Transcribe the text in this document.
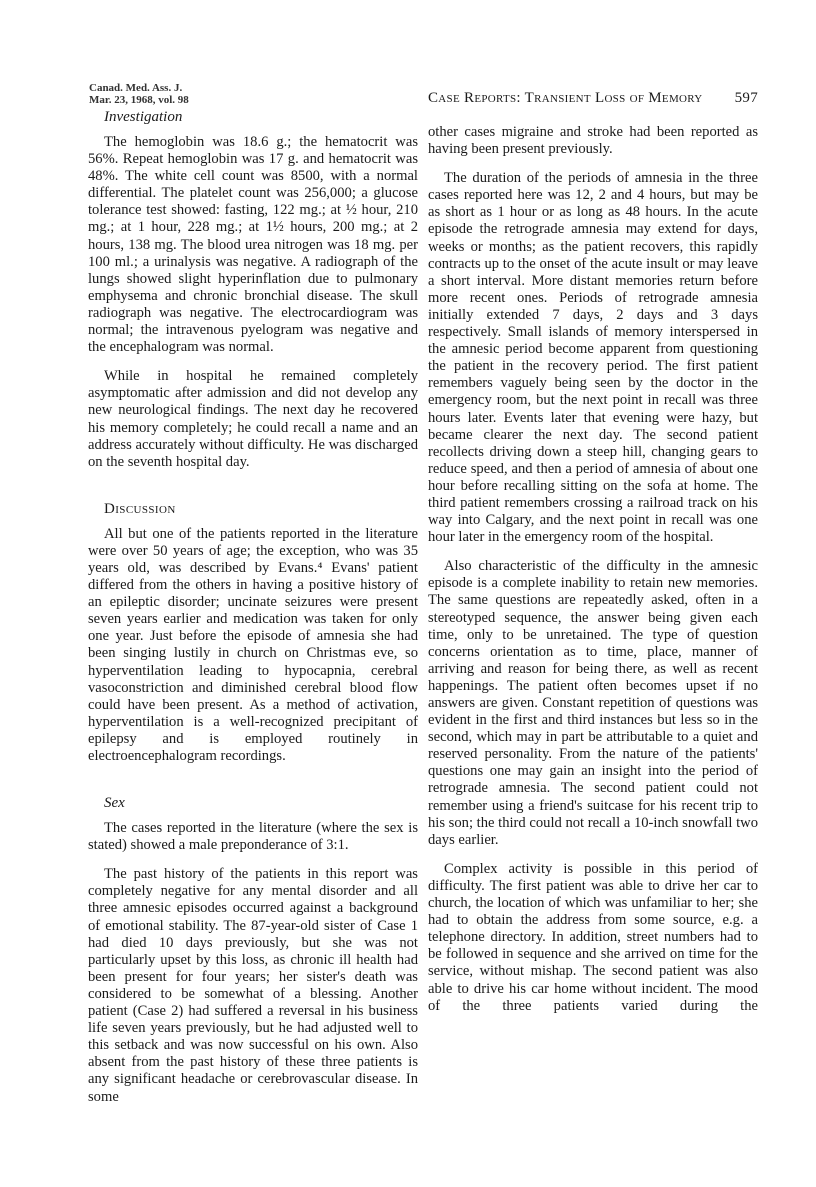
Canad. Med. Ass. J.
Mar. 23, 1968, vol. 98	Case Reports: Transient Loss of Memory 597
Investigation

The hemoglobin was 18.6 g.; the hematocrit was 56%. Repeat hemoglobin was 17 g. and hematocrit was 48%. The white cell count was 8500, with a normal differential. The platelet count was 256,000; a glucose tolerance test showed: fasting, 122 mg.; at ½ hour, 210 mg.; at 1 hour, 228 mg.; at 1½ hours, 200 mg.; at 2 hours, 138 mg. The blood urea nitrogen was 18 mg. per 100 ml.; a urinalysis was negative. A radiograph of the lungs showed slight hyperinflation due to pulmonary emphysema and chronic bronchial disease. The skull radiograph was negative. The electrocardiogram was normal; the intravenous pyelogram was negative and the encephalogram was normal.

While in hospital he remained completely asymptomatic after admission and did not develop any new neurological findings. The next day he recovered his memory completely; he could recall a name and an address accurately without difficulty. He was discharged on the seventh hospital day.

Discussion

All but one of the patients reported in the literature were over 50 years of age; the exception, who was 35 years old, was described by Evans.⁴ Evans' patient differed from the others in having a positive history of an epileptic disorder; uncinate seizures were present seven years earlier and medication was taken for only one year. Just before the episode of amnesia she had been singing lustily in church on Christmas eve, so hyperventilation leading to hypocapnia, cerebral vasoconstriction and diminished cerebral blood flow could have been present. As a method of activation, hyperventilation is a well-recognized precipitant of epilepsy and is employed routinely in electroencephalogram recordings.

Sex

The cases reported in the literature (where the sex is stated) showed a male preponderance of 3:1.

The past history of the patients in this report was completely negative for any mental disorder and all three amnesic episodes occurred against a background of emotional stability. The 87-year-old sister of Case 1 had died 10 days previously, but she was not particularly upset by this loss, as chronic ill health had been present for four years; her sister's death was considered to be somewhat of a blessing. Another patient (Case 2) had suffered a reversal in his business life seven years previously, but he had adjusted well to this setback and was now successful on his own. Also absent from the past history of these three patients is any significant headache or cerebrovascular disease. In some

other cases migraine and stroke had been reported as having been present previously.

The duration of the periods of amnesia in the three cases reported here was 12, 2 and 4 hours, but may be as short as 1 hour or as long as 48 hours. In the acute episode the retrograde amnesia may extend for days, weeks or months; as the patient recovers, this rapidly contracts up to the onset of the acute insult or may leave a short interval. More distant memories return before more recent ones. Periods of retrograde amnesia initially extended 7 days, 2 days and 3 days respectively. Small islands of memory interspersed in the amnesic period become apparent from questioning the patient in the recovery period. The first patient remembers vaguely being seen by the doctor in the emergency room, but the next point in recall was three hours later. Events later that evening were hazy, but became clearer the next day. The second patient recollects driving down a steep hill, changing gears to reduce speed, and then a period of amnesia of about one hour before recalling sitting on the sofa at home. The third patient remembers crossing a railroad track on his way into Calgary, and the next point in recall was one hour later in the emergency room of the hospital.

Also characteristic of the difficulty in the amnesic episode is a complete inability to retain new memories. The same questions are repeatedly asked, often in a stereotyped sequence, the answer being given each time, only to be unretained. The type of question concerns orientation as to time, place, manner of arriving and reason for being there, as well as recent happenings. The patient often becomes upset if no answers are given. Constant repetition of questions was evident in the first and third instances but less so in the second, which may in part be attributable to a quiet and reserved personality. From the nature of the patients' questions one may gain an insight into the period of retrograde amnesia. The second patient could not remember using a friend's suitcase for his recent trip to his son; the third could not recall a 10-inch snowfall two days earlier.

Complex activity is possible in this period of difficulty. The first patient was able to drive her car to church, the location of which was unfamiliar to her; she had to obtain the address from some source, e.g. a telephone directory. In addition, street numbers had to be followed in sequence and she arrived on time for the service, without mishap. The second patient was also able to drive his car home without incident. The mood of the three patients varied during the
